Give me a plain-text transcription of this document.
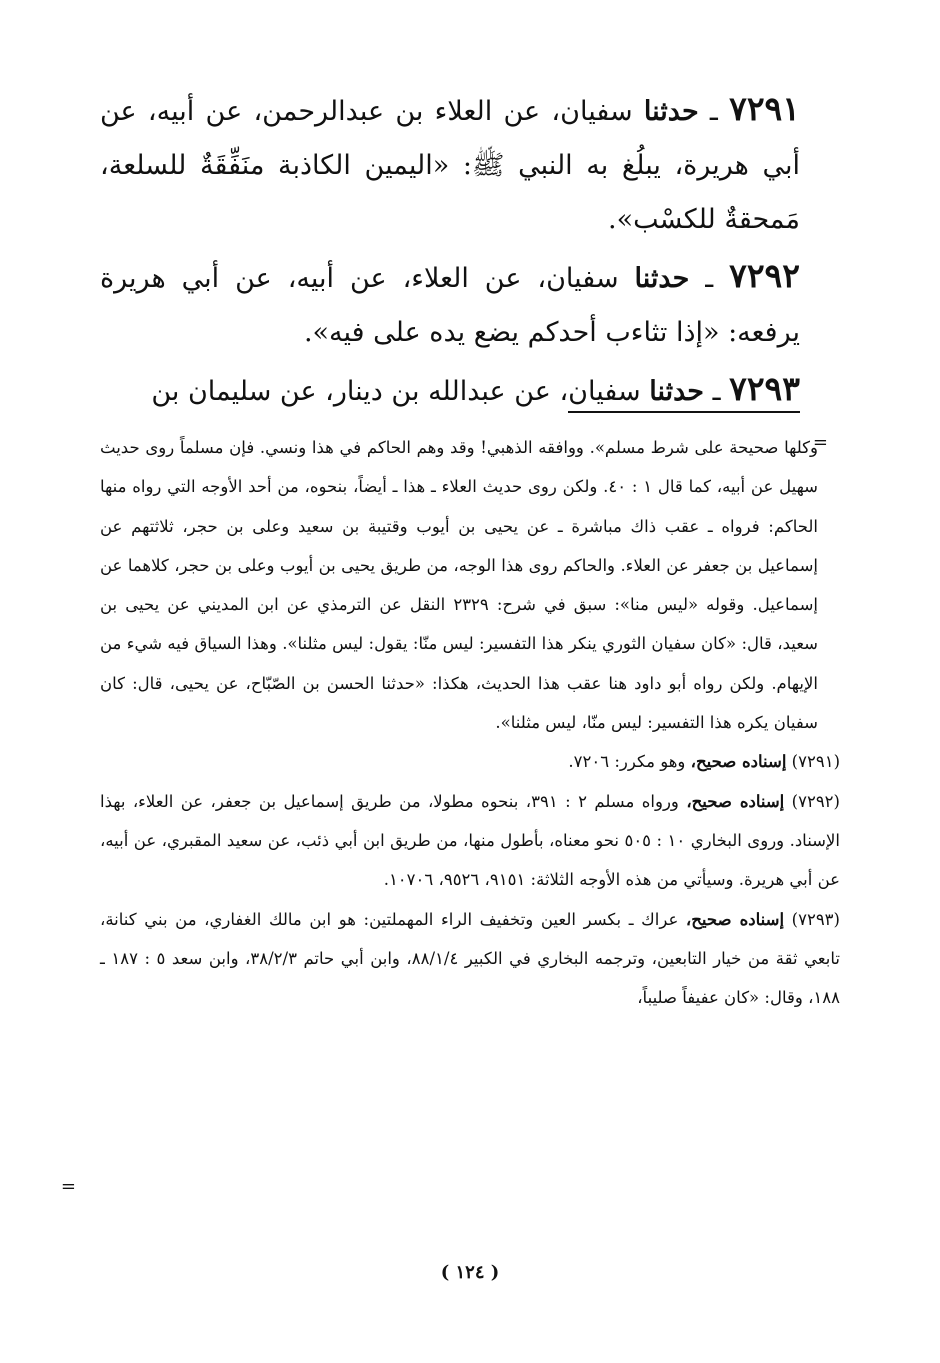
٧٢٩١ ـ حدثنا سفيان، عن العلاء بن عبدالرحمن، عن أبيه، عن أبي هريرة، يبلُغ به النبي ﷺ: «اليمين الكاذبة منَفِّقَةٌ للسلعة، مَمحقةٌ للكسْب».

٧٢٩٢ ـ حدثنا سفيان، عن العلاء، عن أبيه، عن أبي هريرة يرفعه: «إذا تثاءب أحدكم يضع يده على فيه».

٧٢٩٣ ـ حدثنا سفيان، عن عبدالله بن دينار، عن سليمان بن

=

وكلها صحيحة على شرط مسلم». ووافقه الذهبي! وقد وهم الحاكم في هذا ونسي. فإن مسلماً روى حديث سهيل عن أبيه، كما قال ١ : ٤٠. ولكن روى حديث العلاء ـ هذا ـ أيضاً، بنحوه، من أحد الأوجه التي رواه منها الحاكم: فرواه ـ عقب ذاك مباشرة ـ عن يحيى بن أيوب وقتيبة بن سعيد وعلى بن حجر، ثلاثتهم عن إسماعيل بن جعفر عن العلاء. والحاكم روى هذا الوجه، من طريق يحيى بن أيوب وعلى بن حجر، كلاهما عن إسماعيل. وقوله «ليس منا»: سبق في شرح: ٢٣٢٩ النقل عن الترمذي عن ابن المديني عن يحيى بن سعيد، قال: «كان سفيان الثوري ينكر هذا التفسير: ليس منّا: يقول: ليس مثلنا». وهذا السياق فيه شيء من الإيهام. ولكن رواه أبو داود هنا عقب هذا الحديث، هكذا: «حدثنا الحسن بن الصّبّاح، عن يحيى، قال: كان سفيان يكره هذا التفسير: ليس منّا، ليس مثلنا».

(٧٢٩١) إسناده صحيح، وهو مكرر: ٧٢٠٦.

(٧٢٩٢) إسناده صحيح، ورواه مسلم ٢ : ٣٩١، بنحوه مطولا، من طريق إسماعيل بن جعفر، عن العلاء، بهذا الإسناد. وروى البخاري ١٠ : ٥٠٥ نحو معناه، بأطول منها، من طريق ابن أبي ذئب، عن سعيد المقبري، عن أبيه، عن أبي هريرة. وسيأتي من هذه الأوجه الثلاثة: ٩١٥١، ٩٥٢٦، ١٠٧٠٦.

(٧٢٩٣) إسناده صحيح، عراك ـ بكسر العين وتخفيف الراء المهملتين: هو ابن مالك الغفاري، من بني كنانة، تابعي ثقة من خيار التابعين، وترجمه البخاري في الكبير ٨٨/١/٤، وابن أبي حاتم ٣٨/٢/٣، وابن سعد ٥ : ١٨٧ ـ ١٨٨، وقال: «كان عفيفاً صليباً،

=
( ١٢٤ )
